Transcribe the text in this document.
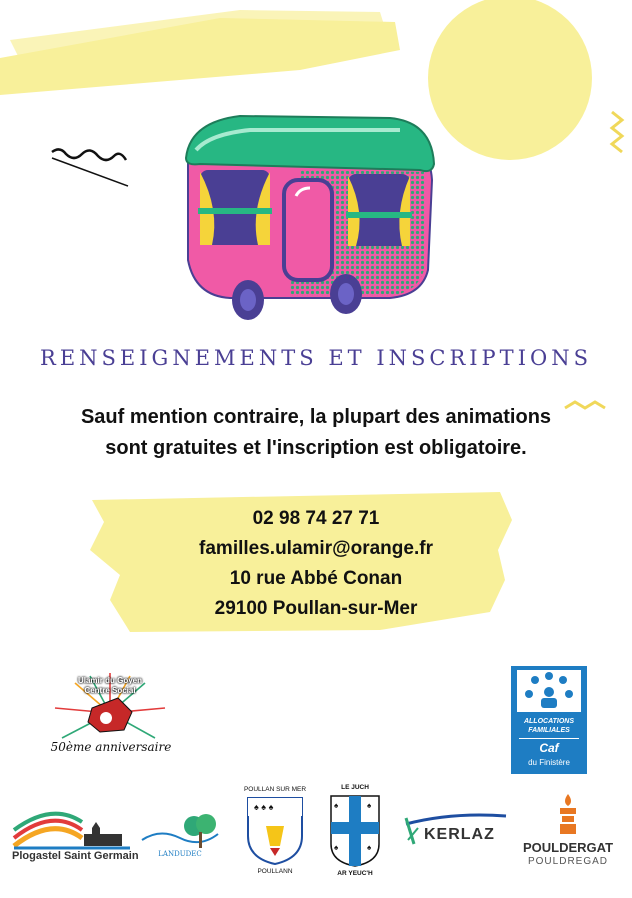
RENSEIGNEMENTS ET INSCRIPTIONS
Sauf mention contraire, la plupart des animations
sont gratuites et l'inscription est obligatoire.
02 98 74 27 71
familles.ulamir@orange.fr
10 rue Abbé Conan
29100 Poullan-sur-Mer
Ulamir du Goyen
Centre Social
50ème anniversaire
ALLOCATIONS
FAMILIALES
Caf
du Finistère
Plogastel Saint Germain	LANDUDEC
POULLAN SUR MER
♠ ♠ ♠
POULLANN
LE JUCH
♠	♠
♠	♠
AR YEUC'H
KERLAZ
POULDERGAT
POULDREGAD
